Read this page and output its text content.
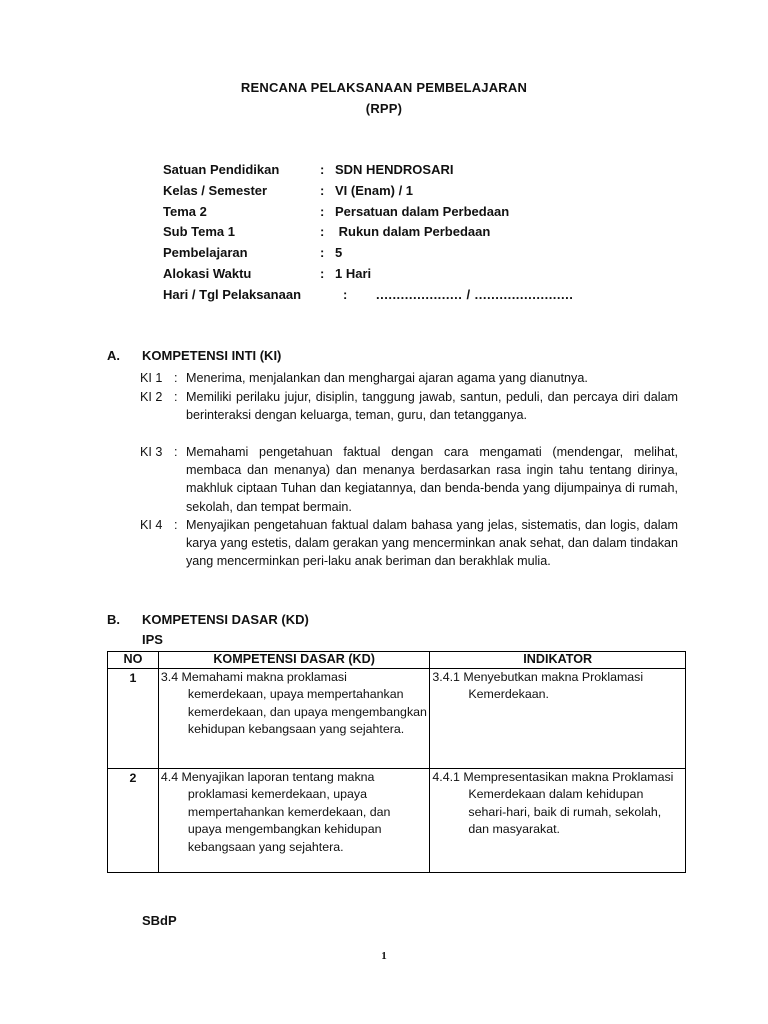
RENCANA PELAKSANAAN PEMBELAJARAN
(RPP)
Satuan Pendidikan	: SDN HENDROSARI
Kelas / Semester	: VI (Enam) / 1
Tema 2	: Persatuan dalam Perbedaan
Sub Tema 1	: Rukun dalam Perbedaan
Pembelajaran	: 5
Alokasi Waktu	: 1 Hari
Hari / Tgl Pelaksanaan	: ..................... / ........................
A. KOMPETENSI INTI (KI)
KI 1 : Menerima, menjalankan dan menghargai ajaran agama yang dianutnya.
KI 2 : Memiliki perilaku jujur, disiplin, tanggung jawab, santun, peduli, dan percaya diri dalam berinteraksi dengan keluarga, teman, guru, dan tetangganya.
KI 3 : Memahami pengetahuan faktual dengan cara mengamati (mendengar, melihat, membaca dan menanya) dan menanya berdasarkan rasa ingin tahu tentang dirinya, makhluk ciptaan Tuhan dan kegiatannya, dan benda-benda yang dijumpainya di rumah, sekolah, dan tempat bermain.
KI 4 : Menyajikan pengetahuan faktual dalam bahasa yang jelas, sistematis, dan logis, dalam karya yang estetis, dalam gerakan yang mencerminkan anak sehat, dan dalam tindakan yang mencerminkan peri-laku anak beriman dan berakhlak mulia.
B. KOMPETENSI DASAR (KD)
IPS
NO	KOMPETENSI DASAR (KD)	INDIKATOR
1	3.4 Memahami makna proklamasi kemerdekaan, upaya mempertahankan kemerdekaan, dan upaya mengembangkan kehidupan kebangsaan yang sejahtera.	3.4.1 Menyebutkan makna Proklamasi Kemerdekaan.

2	4.4 Menyajikan laporan tentang makna proklamasi kemerdekaan, upaya mempertahankan kemerdekaan, dan upaya mengembangkan kehidupan kebangsaan yang sejahtera.	4.4.1 Mempresentasikan makna Proklamasi Kemerdekaan dalam kehidupan sehari-hari, baik di rumah, sekolah, dan masyarakat.
SBdP
1
